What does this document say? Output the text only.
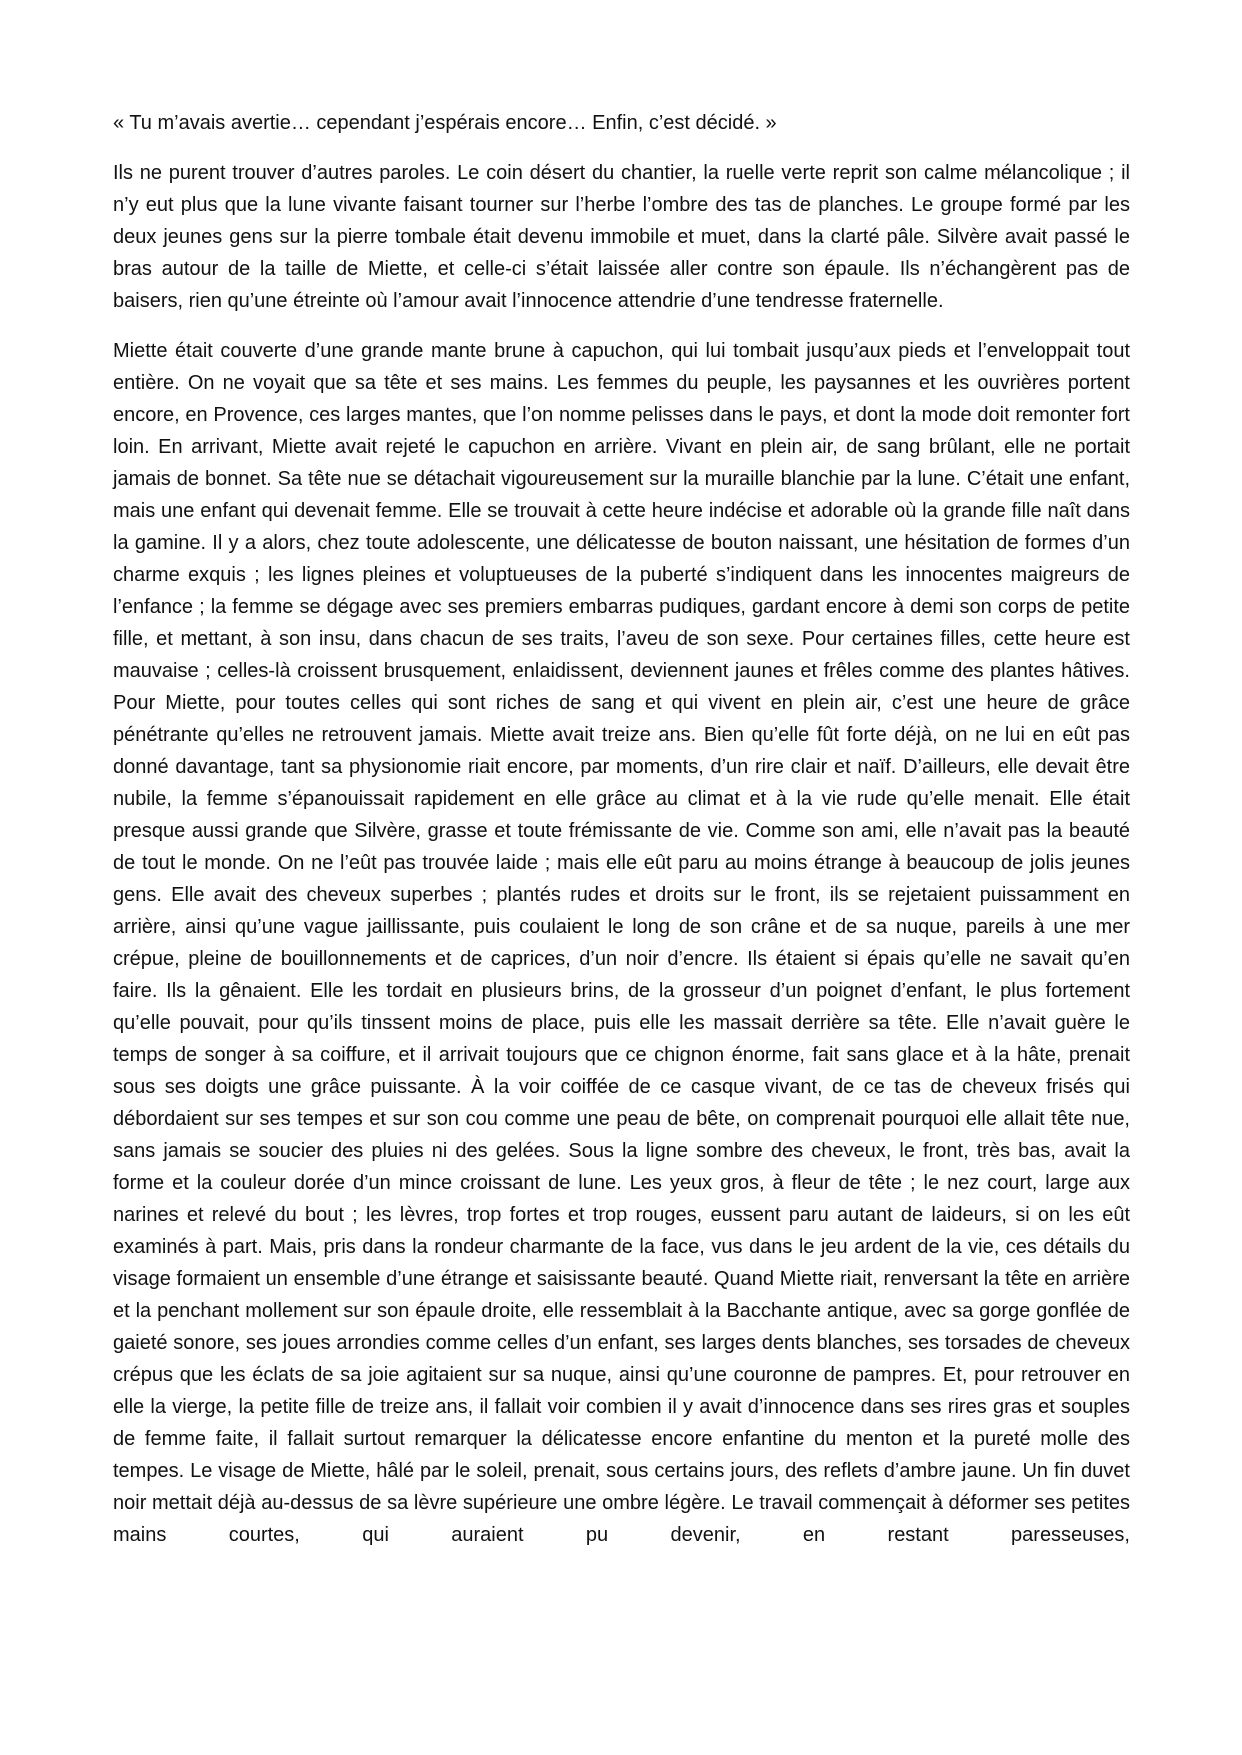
« Tu m’avais avertie… cependant j’espérais encore… Enfin, c’est décidé. »

Ils ne purent trouver d’autres paroles. Le coin désert du chantier, la ruelle verte reprit son calme mélancolique ; il n’y eut plus que la lune vivante faisant tourner sur l’herbe l’ombre des tas de planches. Le groupe formé par les deux jeunes gens sur la pierre tombale était devenu immobile et muet, dans la clarté pâle. Silvère avait passé le bras autour de la taille de Miette, et celle-ci s’était laissée aller contre son épaule. Ils n’échangèrent pas de baisers, rien qu’une étreinte où l’amour avait l’innocence attendrie d’une tendresse fraternelle.

Miette était couverte d’une grande mante brune à capuchon, qui lui tombait jusqu’aux pieds et l’enveloppait tout entière. On ne voyait que sa tête et ses mains. Les femmes du peuple, les paysannes et les ouvrières portent encore, en Provence, ces larges mantes, que l’on nomme pelisses dans le pays, et dont la mode doit remonter fort loin. En arrivant, Miette avait rejeté le capuchon en arrière. Vivant en plein air, de sang brûlant, elle ne portait jamais de bonnet. Sa tête nue se détachait vigoureusement sur la muraille blanchie par la lune. C’était une enfant, mais une enfant qui devenait femme. Elle se trouvait à cette heure indécise et adorable où la grande fille naît dans la gamine. Il y a alors, chez toute adolescente, une délicatesse de bouton naissant, une hésitation de formes d’un charme exquis ; les lignes pleines et voluptueuses de la puberté s’indiquent dans les innocentes maigreurs de l’enfance ; la femme se dégage avec ses premiers embarras pudiques, gardant encore à demi son corps de petite fille, et mettant, à son insu, dans chacun de ses traits, l’aveu de son sexe. Pour certaines filles, cette heure est mauvaise ; celles-là croissent brusquement, enlaidissent, deviennent jaunes et frêles comme des plantes hâtives. Pour Miette, pour toutes celles qui sont riches de sang et qui vivent en plein air, c’est une heure de grâce pénétrante qu’elles ne retrouvent jamais. Miette avait treize ans. Bien qu’elle fût forte déjà, on ne lui en eût pas donné davantage, tant sa physionomie riait encore, par moments, d’un rire clair et naïf. D’ailleurs, elle devait être nubile, la femme s’épanouissait rapidement en elle grâce au climat et à la vie rude qu’elle menait. Elle était presque aussi grande que Silvère, grasse et toute frémissante de vie. Comme son ami, elle n’avait pas la beauté de tout le monde. On ne l’eût pas trouvée laide ; mais elle eût paru au moins étrange à beaucoup de jolis jeunes gens. Elle avait des cheveux superbes ; plantés rudes et droits sur le front, ils se rejetaient puissamment en arrière, ainsi qu’une vague jaillissante, puis coulaient le long de son crâne et de sa nuque, pareils à une mer crépue, pleine de bouillonnements et de caprices, d’un noir d’encre. Ils étaient si épais qu’elle ne savait qu’en faire. Ils la gênaient. Elle les tordait en plusieurs brins, de la grosseur d’un poignet d’enfant, le plus fortement qu’elle pouvait, pour qu’ils tinssent moins de place, puis elle les massait derrière sa tête. Elle n’avait guère le temps de songer à sa coiffure, et il arrivait toujours que ce chignon énorme, fait sans glace et à la hâte, prenait sous ses doigts une grâce puissante. À la voir coiffée de ce casque vivant, de ce tas de cheveux frisés qui débordaient sur ses tempes et sur son cou comme une peau de bête, on comprenait pourquoi elle allait tête nue, sans jamais se soucier des pluies ni des gelées. Sous la ligne sombre des cheveux, le front, très bas, avait la forme et la couleur dorée d’un mince croissant de lune. Les yeux gros, à fleur de tête ; le nez court, large aux narines et relevé du bout ; les lèvres, trop fortes et trop rouges, eussent paru autant de laideurs, si on les eût examinés à part. Mais, pris dans la rondeur charmante de la face, vus dans le jeu ardent de la vie, ces détails du visage formaient un ensemble d’une étrange et saisissante beauté. Quand Miette riait, renversant la tête en arrière et la penchant mollement sur son épaule droite, elle ressemblait à la Bacchante antique, avec sa gorge gonflée de gaieté sonore, ses joues arrondies comme celles d’un enfant, ses larges dents blanches, ses torsades de cheveux crépus que les éclats de sa joie agitaient sur sa nuque, ainsi qu’une couronne de pampres. Et, pour retrouver en elle la vierge, la petite fille de treize ans, il fallait voir combien il y avait d’innocence dans ses rires gras et souples de femme faite, il fallait surtout remarquer la délicatesse encore enfantine du menton et la pureté molle des tempes. Le visage de Miette, hâlé par le soleil, prenait, sous certains jours, des reflets d’ambre jaune. Un fin duvet noir mettait déjà au-dessus de sa lèvre supérieure une ombre légère. Le travail commençait à déformer ses petites mains courtes, qui auraient pu devenir, en restant paresseuses,
